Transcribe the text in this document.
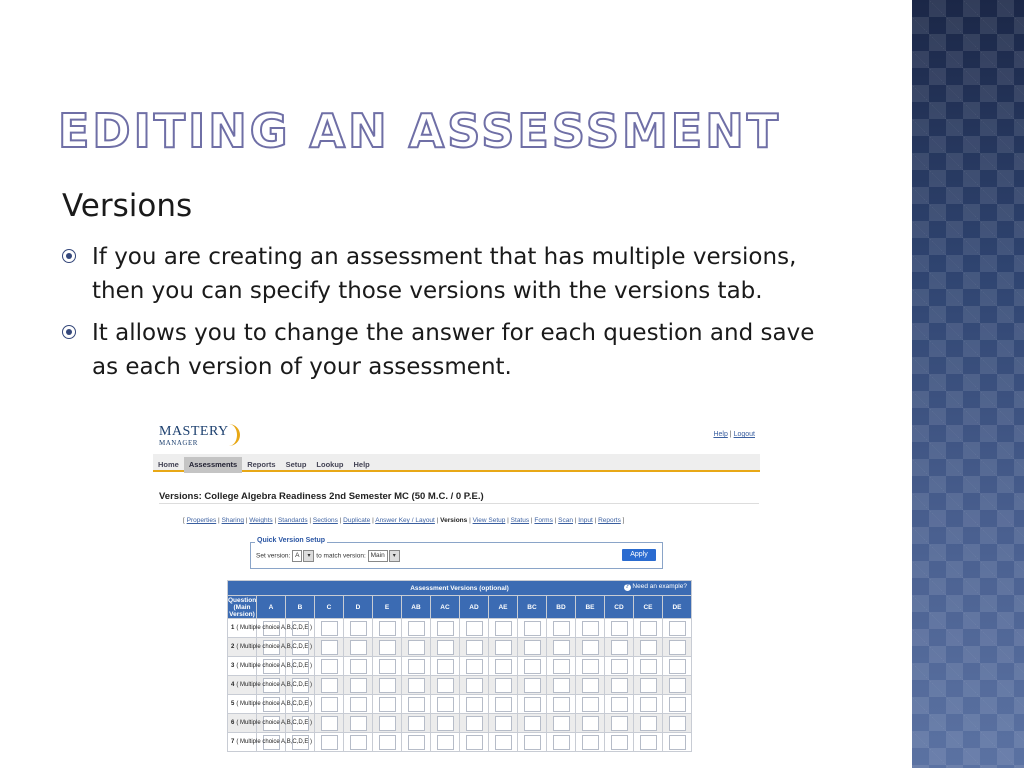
EDITING AN ASSESSMENT
Versions
If you are creating an assessment that has multiple versions, then you can specify those versions with the versions tab.
It allows you to change the answer for each question and save as each version of your assessment.
MASTERY
MANAGER
Help | Logout
Home Assessments Reports Setup Lookup Help
Versions: College Algebra Readiness 2nd Semester MC (50 M.C. / 0 P.E.)
[ Properties | Sharing | Weights | Standards | Sections | Duplicate | Answer Key / Layout | Versions | View Setup | Status | Forms | Scan | Input | Reports ]
Quick Version Setup
Set version: A ▾ to match version: Main ▾	Apply
Assessment Versions (optional) ? Need an example?															

Question
(Main Version)	A	B	C	D	E	AB	AC	AD	AE	BC	BD	BE	CD	CE	DE
1 ( Multiple choice A,B,C,D,E )	

2 ( Multiple choice A,B,C,D,E )	

3 ( Multiple choice A,B,C,D,E )	

4 ( Multiple choice A,B,C,D,E )	

5 ( Multiple choice A,B,C,D,E )	

6 ( Multiple choice A,B,C,D,E )	

7 ( Multiple choice A,B,C,D,E )	
